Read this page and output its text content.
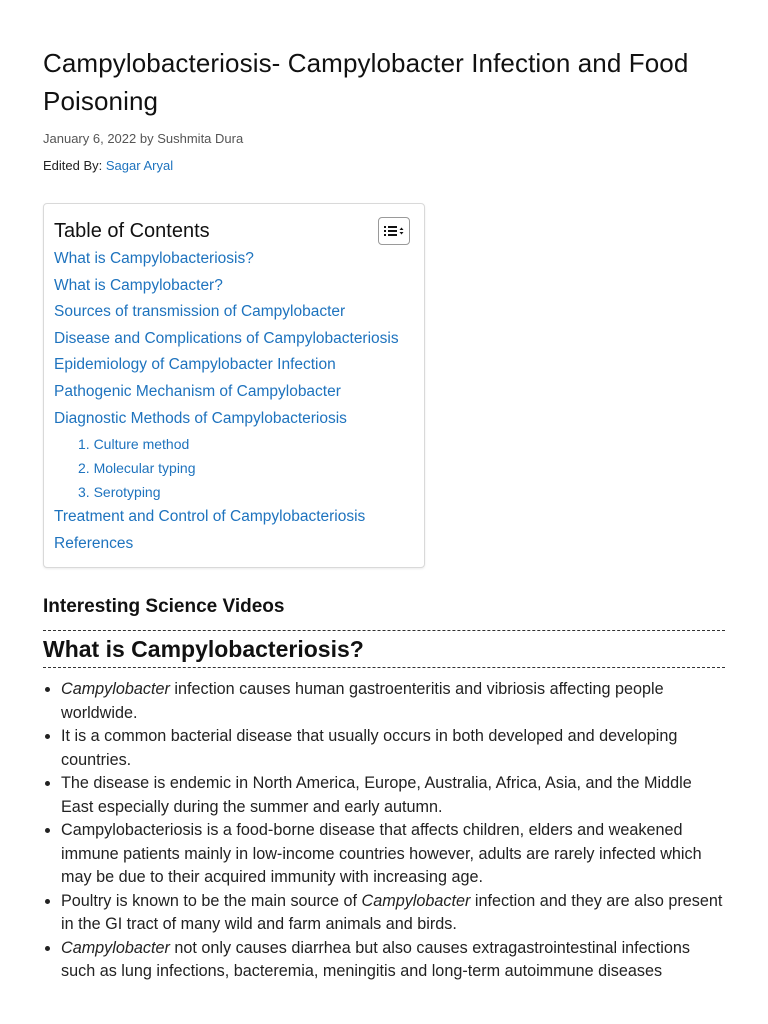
Campylobacteriosis- Campylobacter Infection and Food Poisoning
January 6, 2022 by Sushmita Dura
Edited By: Sagar Aryal
Table of Contents
What is Campylobacteriosis?
What is Campylobacter?
Sources of transmission of Campylobacter
Disease and Complications of Campylobacteriosis
Epidemiology of Campylobacter Infection
Pathogenic Mechanism of Campylobacter
Diagnostic Methods of Campylobacteriosis
1. Culture method
2. Molecular typing
3. Serotyping
Treatment and Control of Campylobacteriosis
References
Interesting Science Videos
What is Campylobacteriosis?
• Campylobacter infection causes human gastroenteritis and vibriosis affecting people worldwide.
• It is a common bacterial disease that usually occurs in both developed and developing countries.
• The disease is endemic in North America, Europe, Australia, Africa, Asia, and the Middle East especially during the summer and early autumn.
• Campylobacteriosis is a food-borne disease that affects children, elders and weakened immune patients mainly in low-income countries however, adults are rarely infected which may be due to their acquired immunity with increasing age.
• Poultry is known to be the main source of Campylobacter infection and they are also present in the GI tract of many wild and farm animals and birds.
• Campylobacter not only causes diarrhea but also causes extragastrointestinal infections such as lung infections, bacteremia, meningitis and long-term autoimmune diseases
